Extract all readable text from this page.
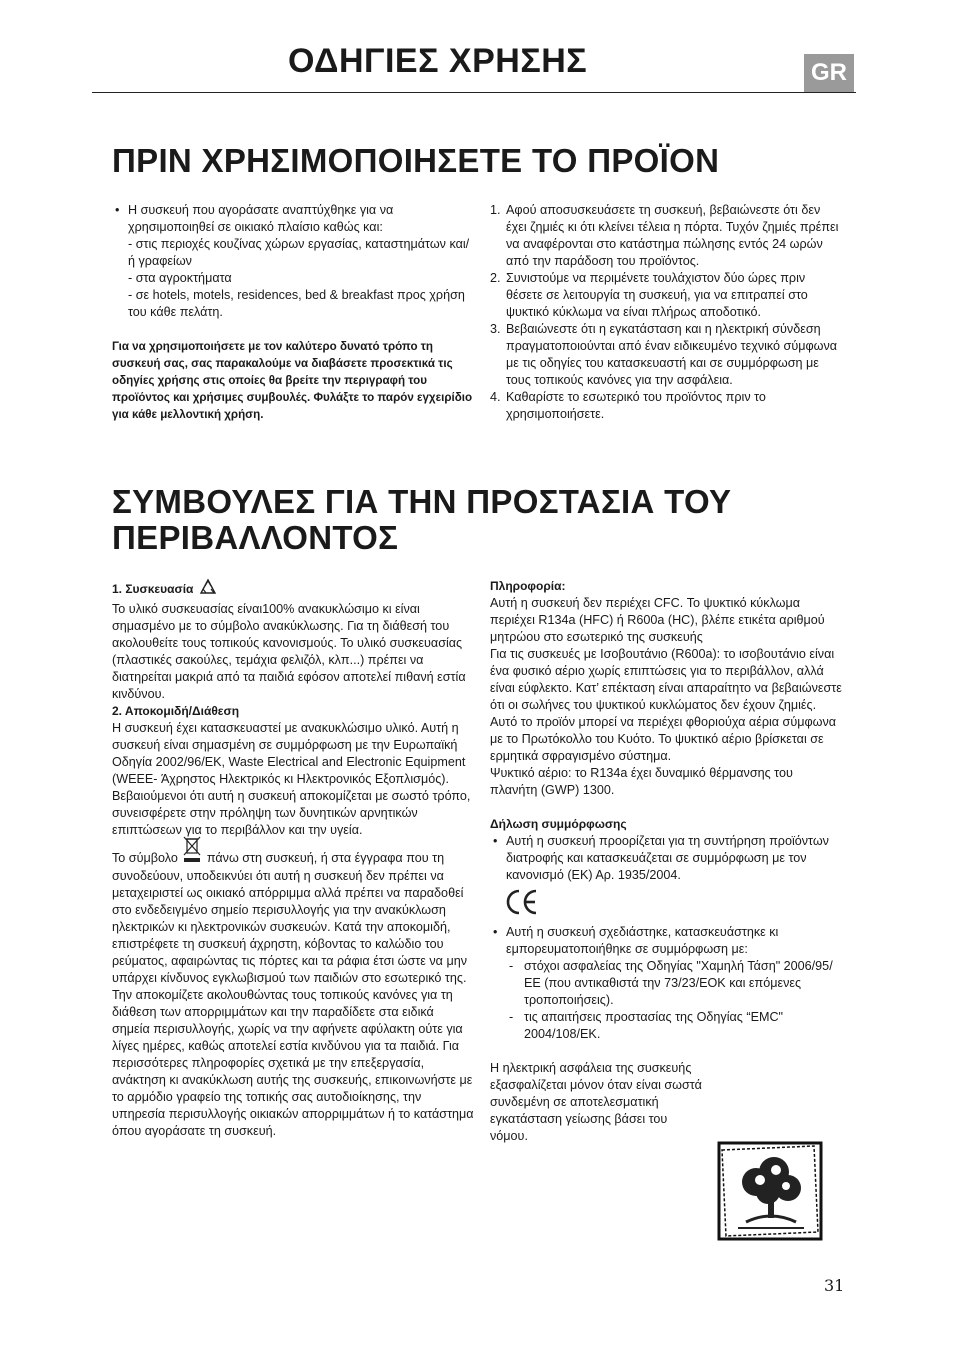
ΟΔΗΓΙΕΣ ΧΡΗΣΗΣ	GR
ΠΡΙΝ ΧΡΗΣΙΜΟΠΟΙΗΣΕΤΕ ΤΟ ΠΡΟΪΟΝ
• Η συσκευή που αγοράσατε αναπτύχθηκε για να χρησιμοποιηθεί σε οικιακό πλαίσιο καθώς και:
- στις περιοχές κουζίνας χώρων εργασίας, καταστημάτων και/ή γραφείων
- στα αγροκτήματα
- σε hotels, motels, residences, bed & breakfast προς χρήση του κάθε πελάτη.

Για να χρησιμοποιήσετε με τον καλύτερο δυνατό τρόπο τη συσκευή σας, σας παρακαλούμε να διαβάσετε προσεκτικά τις οδηγίες χρήσης στις οποίες θα βρείτε την περιγραφή του προϊόντος και χρήσιμες συμβουλές. Φυλάξτε το παρόν εγχειρίδιο για κάθε μελλοντική χρήση.

1. Αφού αποσυσκευάσετε τη συσκευή, βεβαιώνεστε ότι δεν έχει ζημιές κι ότι κλείνει τέλεια η πόρτα. Τυχόν ζημιές πρέπει να αναφέρονται στο κατάστημα πώλησης εντός 24 ωρών από την παράδοση του προϊόντος.
2. Συνιστούμε να περιμένετε τουλάχιστον δύο ώρες πριν θέσετε σε λειτουργία τη συσκευή, για να επιτραπεί στο ψυκτικό κύκλωμα να είναι πλήρως αποδοτικό.
3. Βεβαιώνεστε ότι η εγκατάσταση και η ηλεκτρική σύνδεση πραγματοποιούνται από έναν ειδικευμένο τεχνικό σύμφωνα με τις οδηγίες του κατασκευαστή και σε συμμόρφωση με τους τοπικούς κανόνες για την ασφάλεια.
4. Καθαρίστε το εσωτερικό του προϊόντος πριν το χρησιμοποιήσετε.
ΣΥΜΒΟΥΛΕΣ ΓΙΑ ΤΗΝ ΠΡΟΣΤΑΣΙΑ ΤΟΥ
ΠΕΡΙΒΑΛΛΟΝΤΟΣ
1. Συσκευασία

Το υλικό συσκευασίας είναι100% ανακυκλώσιμο κι είναι σημασμένο με το σύμβολο ανακύκλωσης. Για τη διάθεσή του ακολουθείτε τους τοπικούς κανονισμούς. Το υλικό συσκευασίας (πλαστικές σακούλες, τεμάχια φελιζόλ, κλπ...) πρέπει να διατηρείται μακριά από τα παιδιά εφόσον αποτελεί πιθανή εστία κινδύνου.

2. Αποκομιδή/Διάθεση

Η συσκευή έχει κατασκευαστεί με ανακυκλώσιμο υλικό. Αυτή η συσκευή είναι σημασμένη σε συμμόρφωση με την Ευρωπαϊκή Οδηγία 2002/96/ΕΚ, Waste Electrical and Electronic Equipment (WEEE- Άχρηστος Ηλεκτρικός κι Ηλεκτρονικός Εξοπλισμός). Βεβαιούμενοι ότι αυτή η συσκευή αποκομίζεται με σωστό τρόπο, συνεισφέρετε στην πρόληψη των δυνητικών αρνητικών επιπτώσεων για το περιβάλλον και την υγεία.

Το σύμβολο πάνω στη συσκευή, ή στα έγγραφα που τη συνοδεύουν, υποδεικνύει ότι αυτή η συσκευή δεν πρέπει να μεταχειριστεί ως οικιακό απόρριμμα αλλά πρέπει να παραδοθεί στο ενδεδειγμένο σημείο περισυλλογής για την ανακύκλωση ηλεκτρικών κι ηλεκτρονικών συσκευών. Κατά την αποκομιδή, επιστρέφετε τη συσκευή άχρηστη, κόβοντας το καλώδιο του ρεύματος, αφαιρώντας τις πόρτες και τα ράφια έτσι ώστε να μην υπάρχει κίνδυνος εγκλωβισμού των παιδιών στο εσωτερικό της. Την αποκομίζετε ακολουθώντας τους τοπικούς κανόνες για τη διάθεση των απορριμμάτων και την παραδίδετε στα ειδικά σημεία περισυλλογής, χωρίς να την αφήνετε αφύλακτη ούτε για λίγες ημέρες, καθώς αποτελεί εστία κινδύνου για τα παιδιά. Για περισσότερες πληροφορίες σχετικά με την επεξεργασία, ανάκτηση κι ανακύκλωση αυτής της συσκευής, επικοινωνήστε με το αρμόδιο γραφείο της τοπικής σας αυτοδιοίκησης, την υπηρεσία περισυλλογής οικιακών απορριμμάτων ή το κατάστημα όπου αγοράσατε τη συσκευή.

Πληροφορία:

Αυτή η συσκευή δεν περιέχει CFC. Το ψυκτικό κύκλωμα περιέχει R134a (HFC) ή R600a (HC), βλέπε ετικέτα αριθμού μητρώου στο εσωτερικό της συσκευής
Για τις συσκευές με Ισοβουτάνιο (R600a): το ισοβουτάνιο είναι ένα φυσικό αέριο χωρίς επιπτώσεις για το περιβάλλον, αλλά είναι εύφλεκτο. Κατ’ επέκταση είναι απαραίτητο να βεβαιώνεστε ότι οι σωλήνες του ψυκτικού κυκλώματος δεν έχουν ζημιές.
Αυτό το προϊόν μπορεί να περιέχει φθοριούχα αέρια σύμφωνα με το Πρωτόκολλο του Κυότο. Το ψυκτικό αέριο βρίσκεται σε ερμητικά σφραγισμένο σύστημα.
Ψυκτικό αέριο: το R134a έχει δυναμικό θέρμανσης του πλανήτη (GWP) 1300.

Δήλωση συμμόρφωσης
• Αυτή η συσκευή προορίζεται για τη συντήρηση προϊόντων διατροφής και κατασκευάζεται σε συμμόρφωση με τον κανονισμό (ΕΚ) Αρ. 1935/2004.
• Αυτή η συσκευή σχεδιάστηκε, κατασκευάστηκε κι εμπορευματοποιήθηκε σε συμμόρφωση με:
- στόχοι ασφαλείας της Οδηγίας "Χαμηλή Τάση" 2006/95/ΕΕ (που αντικαθιστά την 73/23/ΕΟΚ και επόμενες τροποποιήσεις).
- τις απαιτήσεις προστασίας της Οδηγίας “EMC" 2004/108/ΕΚ.

Η ηλεκτρική ασφάλεια της συσκευής εξασφαλίζεται μόνον όταν είναι σωστά συνδεμένη σε αποτελεσματική εγκατάσταση γείωσης βάσει του νόμου.

31
